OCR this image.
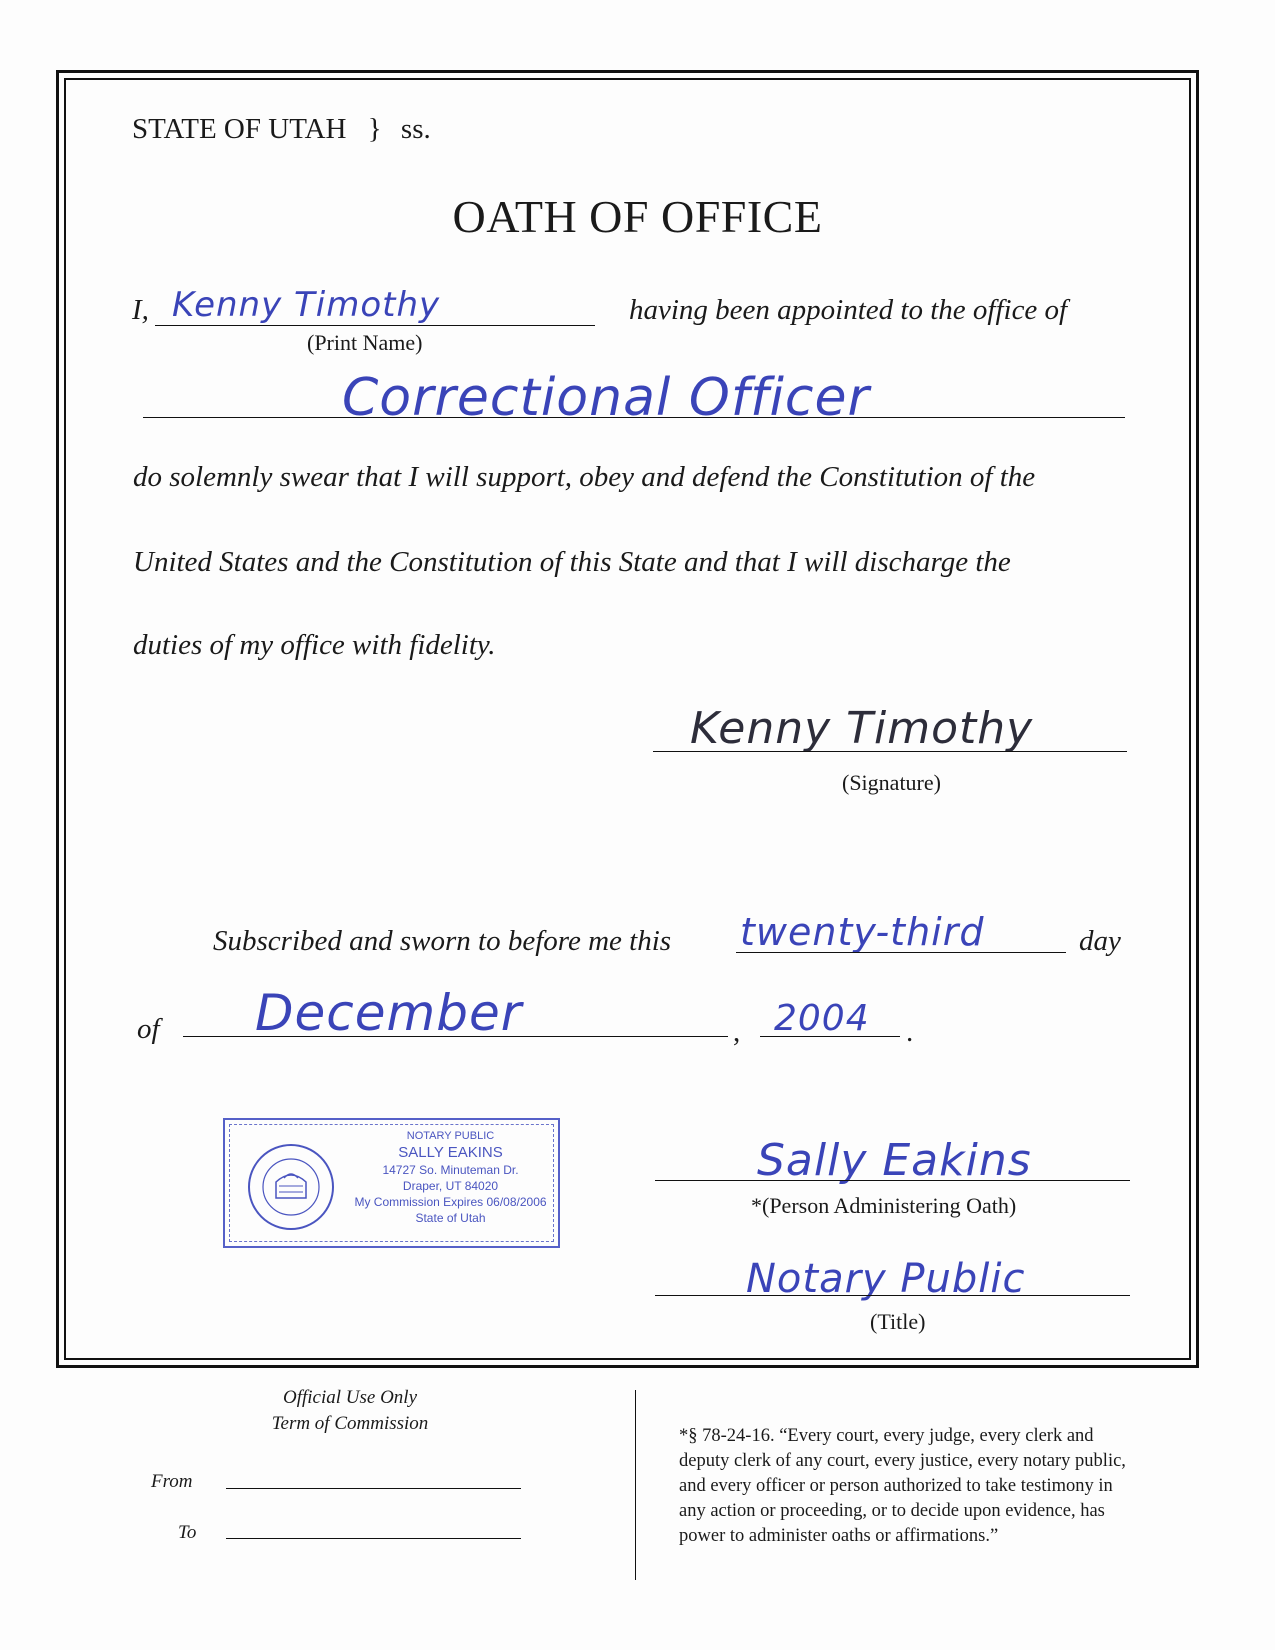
STATE OF UTAH } ss.
OATH OF OFFICE
I, Kenny Timothy
(Print Name)
having been appointed to the office of
Correctional Officer
do solemnly swear that I will support, obey and defend the Constitution of the
United States and the Constitution of this State and that I will discharge the
duties of my office with fidelity.
Kenny Timothy
(Signature)
Subscribed and sworn to before me this twenty-third	day
of December	, 2004 .
NOTARY PUBLIC
SALLY EAKINS
14727 So. Minuteman Dr.
Draper, UT 84020
My Commission Expires 06/08/2006
State of Utah
Sally Eakins
*(Person Administering Oath)
Notary Public
(Title)
Official Use Only
Term of Commission
From
To
*§ 78-24-16. “Every court, every judge, every clerk and
deputy clerk of any court, every justice, every notary public,
and every officer or person authorized to take testimony in
any action or proceeding, or to decide upon evidence, has
power to administer oaths or affirmations.”
